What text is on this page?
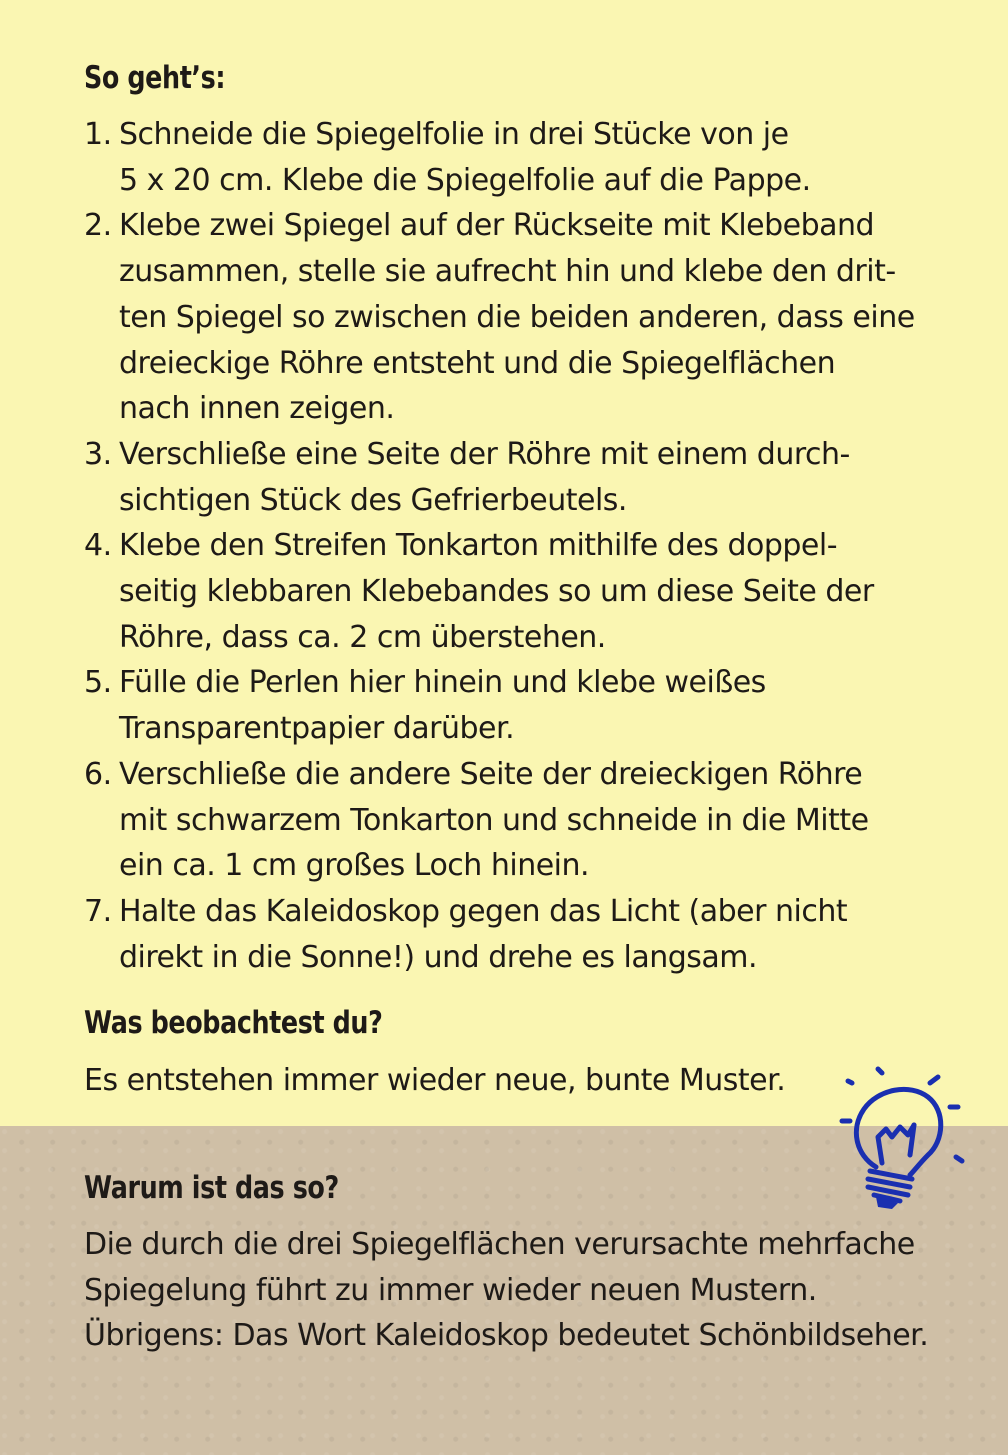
So geht’s:
1. Schneide die Spiegelfolie in drei Stücke von je
5 x 20 cm. Klebe die Spiegelfolie auf die Pappe.
2. Klebe zwei Spiegel auf der Rückseite mit Klebeband
zusammen, stelle sie aufrecht hin und klebe den drit-
ten Spiegel so zwischen die beiden anderen, dass eine
dreieckige Röhre entsteht und die Spiegelflächen
nach innen zeigen.
3. Verschließe eine Seite der Röhre mit einem durch-
sichtigen Stück des Gefrierbeutels.
4. Klebe den Streifen Tonkarton mithilfe des doppel-
seitig klebbaren Klebebandes so um diese Seite der
Röhre, dass ca. 2 cm überstehen.
5. Fülle die Perlen hier hinein und klebe weißes
Transparentpapier darüber.
6. Verschließe die andere Seite der dreieckigen Röhre
mit schwarzem Tonkarton und schneide in die Mitte
ein ca. 1 cm großes Loch hinein.
7. Halte das Kaleidoskop gegen das Licht (aber nicht
direkt in die Sonne!) und drehe es langsam.
Was beobachtest du?

Es entstehen immer wieder neue, bunte Muster.

Warum ist das so?

Die durch die drei Spiegelflächen verursachte mehrfache
Spiegelung führt zu immer wieder neuen Mustern.
Übrigens: Das Wort Kaleidoskop bedeutet Schönbildseher.
